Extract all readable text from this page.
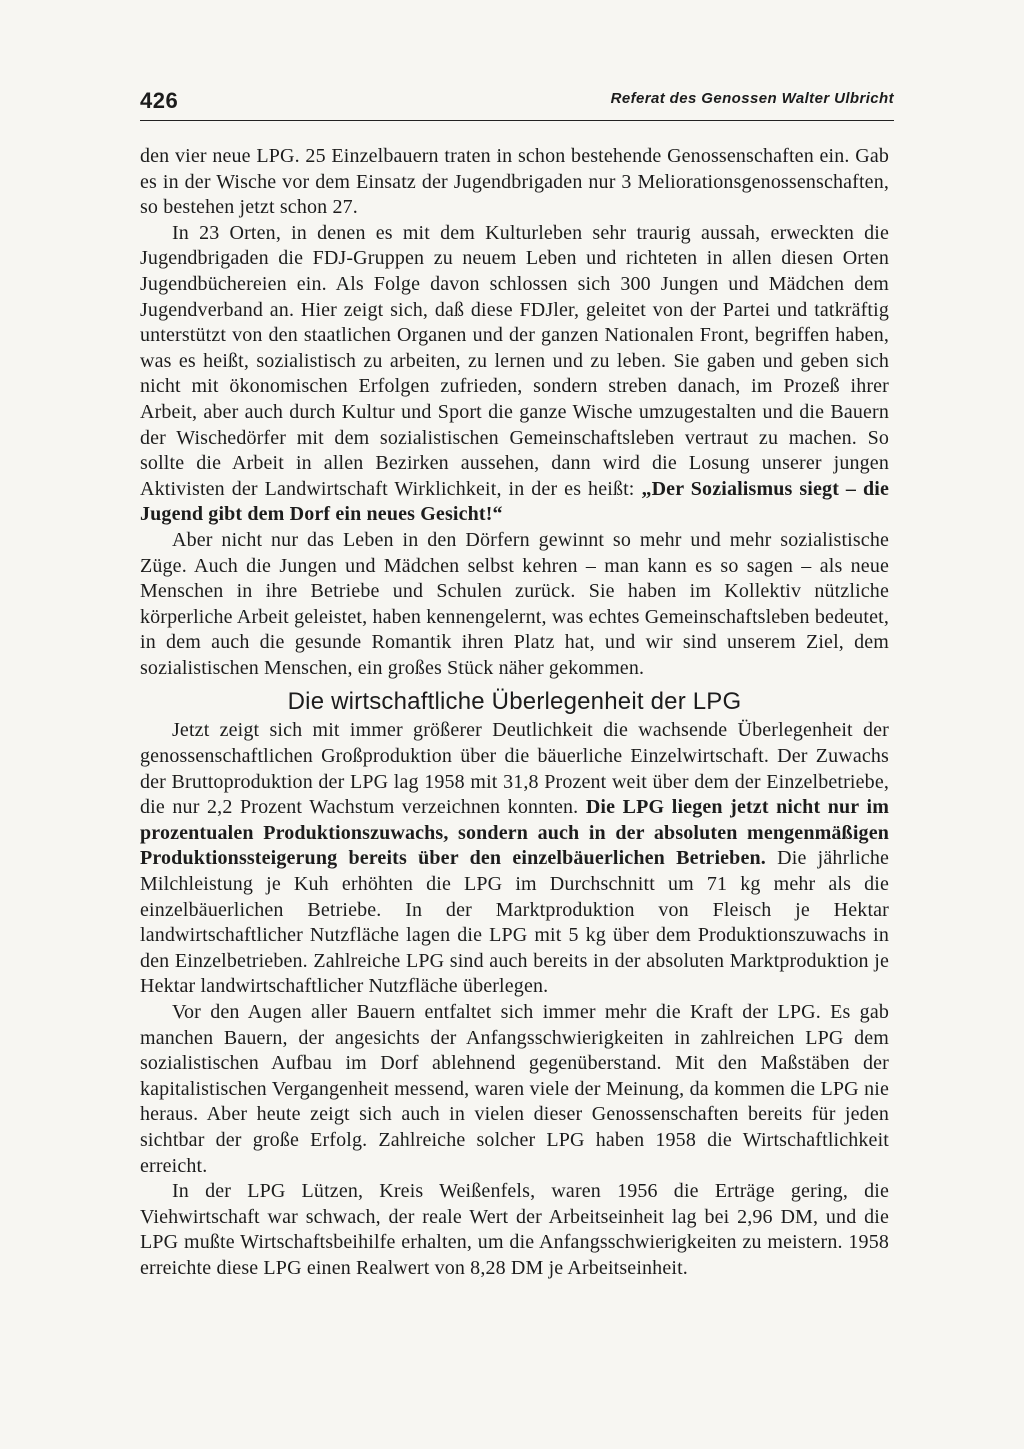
426	Referat des Genossen Walter Ulbricht

den vier neue LPG. 25 Einzelbauern traten in schon bestehende Genossenschaften ein. Gab es in der Wische vor dem Einsatz der Jugendbrigaden nur 3 Meliorationsgenossenschaften, so bestehen jetzt schon 27.

In 23 Orten, in denen es mit dem Kulturleben sehr traurig aussah, erweckten die Jugendbrigaden die FDJ-Gruppen zu neuem Leben und richteten in allen diesen Orten Jugendbüchereien ein. Als Folge davon schlossen sich 300 Jungen und Mädchen dem Jugendverband an. Hier zeigt sich, daß diese FDJler, geleitet von der Partei und tatkräftig unterstützt von den staatlichen Organen und der ganzen Nationalen Front, begriffen haben, was es heißt, sozialistisch zu arbeiten, zu lernen und zu leben. Sie gaben und geben sich nicht mit ökonomischen Erfolgen zufrieden, sondern streben danach, im Prozeß ihrer Arbeit, aber auch durch Kultur und Sport die ganze Wische umzugestalten und die Bauern der Wischedörfer mit dem sozialistischen Gemeinschaftsleben vertraut zu machen. So sollte die Arbeit in allen Bezirken aussehen, dann wird die Losung unserer jungen Aktivisten der Landwirtschaft Wirklichkeit, in der es heißt: „Der Sozialismus siegt – die Jugend gibt dem Dorf ein neues Gesicht!“

Aber nicht nur das Leben in den Dörfern gewinnt so mehr und mehr sozialistische Züge. Auch die Jungen und Mädchen selbst kehren – man kann es so sagen – als neue Menschen in ihre Betriebe und Schulen zurück. Sie haben im Kollektiv nützliche körperliche Arbeit geleistet, haben kennengelernt, was echtes Gemeinschaftsleben bedeutet, in dem auch die gesunde Romantik ihren Platz hat, und wir sind unserem Ziel, dem sozialistischen Menschen, ein großes Stück näher gekommen.

Die wirtschaftliche Überlegenheit der LPG

Jetzt zeigt sich mit immer größerer Deutlichkeit die wachsende Überlegenheit der genossenschaftlichen Großproduktion über die bäuerliche Einzelwirtschaft. Der Zuwachs der Bruttoproduktion der LPG lag 1958 mit 31,8 Prozent weit über dem der Einzelbetriebe, die nur 2,2 Prozent Wachstum verzeichnen konnten. Die LPG liegen jetzt nicht nur im prozentualen Produktionszuwachs, sondern auch in der absoluten mengenmäßigen Produktionssteigerung bereits über den einzelbäuerlichen Betrieben. Die jährliche Milchleistung je Kuh erhöhten die LPG im Durchschnitt um 71 kg mehr als die einzelbäuerlichen Betriebe. In der Marktproduktion von Fleisch je Hektar landwirtschaftlicher Nutzfläche lagen die LPG mit 5 kg über dem Produktionszuwachs in den Einzelbetrieben. Zahlreiche LPG sind auch bereits in der absoluten Marktproduktion je Hektar landwirtschaftlicher Nutzfläche überlegen.

Vor den Augen aller Bauern entfaltet sich immer mehr die Kraft der LPG. Es gab manchen Bauern, der angesichts der Anfangsschwierigkeiten in zahlreichen LPG dem sozialistischen Aufbau im Dorf ablehnend gegenüberstand. Mit den Maßstäben der kapitalistischen Vergangenheit messend, waren viele der Meinung, da kommen die LPG nie heraus. Aber heute zeigt sich auch in vielen dieser Genossenschaften bereits für jeden sichtbar der große Erfolg. Zahlreiche solcher LPG haben 1958 die Wirtschaftlichkeit erreicht.

In der LPG Lützen, Kreis Weißenfels, waren 1956 die Erträge gering, die Viehwirtschaft war schwach, der reale Wert der Arbeitseinheit lag bei 2,96 DM, und die LPG mußte Wirtschaftsbeihilfe erhalten, um die Anfangsschwierigkeiten zu meistern. 1958 erreichte diese LPG einen Realwert von 8,28 DM je Arbeitseinheit.
